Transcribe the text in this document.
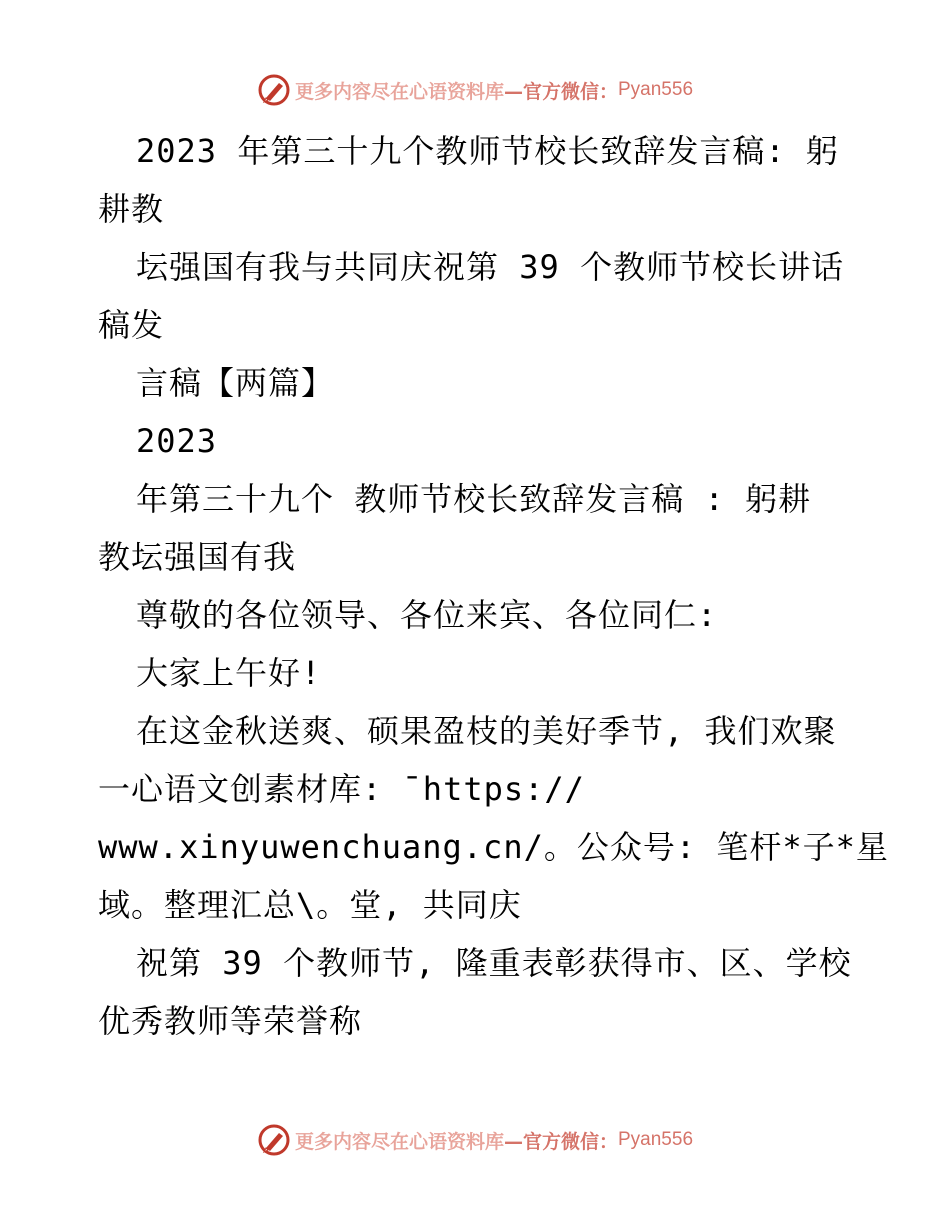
更多内容尽在心语资料库 —官方微信： Pyan556
2023 年第三十九个教师节校长致辞发言稿: 躬
耕教
坛强国有我与共同庆祝第 39 个教师节校长讲话
稿发
言稿【两篇】
2023
年第三十九个 教师节校长致辞发言稿 : 躬耕
教坛强国有我
尊敬的各位领导、各位来宾、各位同仁:
大家上午好!
在这金秋送爽、硕果盈枝的美好季节, 我们欢聚
一心语文创素材库: ¯https://
www.xinyuwenchuang.cn/。公众号: 笔杆*子*星
域。整理汇总\。堂, 共同庆
祝第 39 个教师节, 隆重表彰获得市、区、学校
优秀教师等荣誉称
更多内容尽在心语资料库 —官方微信： Pyan556
